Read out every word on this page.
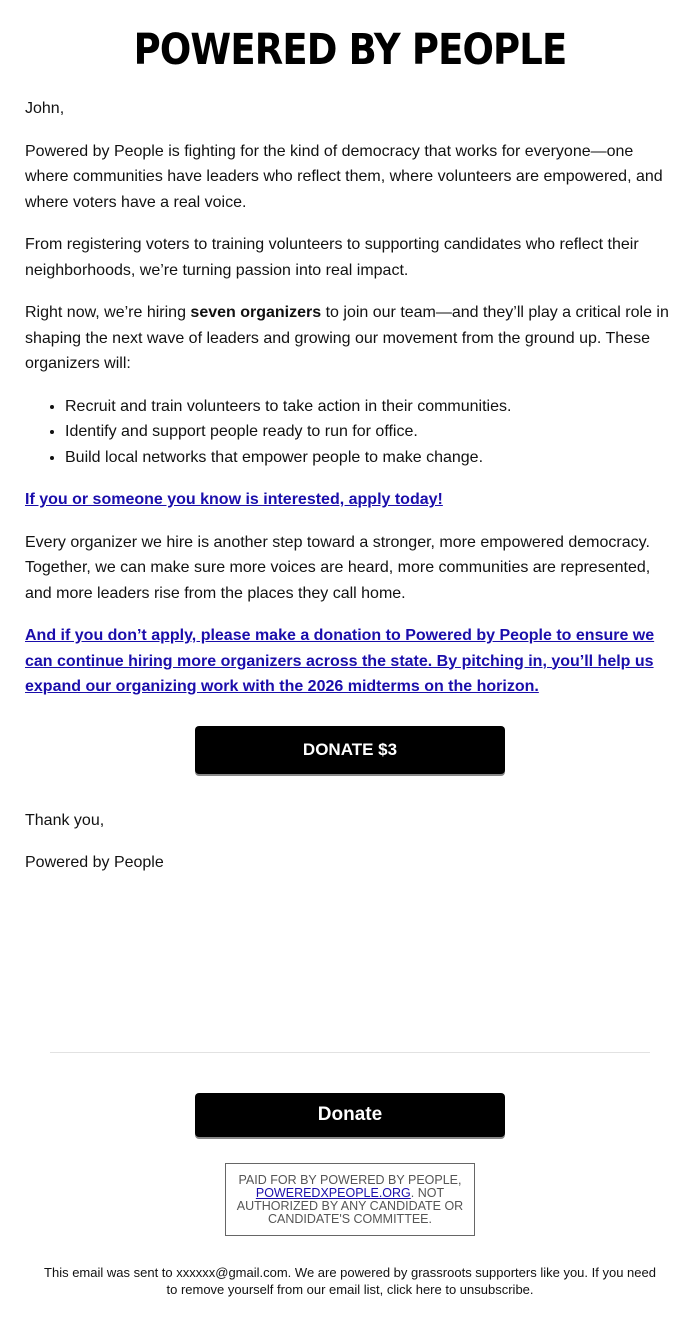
POWERED BY PEOPLE

John,

Powered by People is fighting for the kind of democracy that works for everyone—one where communities have leaders who reflect them, where volunteers are empowered, and where voters have a real voice.

From registering voters to training volunteers to supporting candidates who reflect their neighborhoods, we’re turning passion into real impact.

Right now, we’re hiring seven organizers to join our team—and they’ll play a critical role in shaping the next wave of leaders and growing our movement from the ground up. These organizers will:

• Recruit and train volunteers to take action in their communities.
• Identify and support people ready to run for office.
• Build local networks that empower people to make change.

If you or someone you know is interested, apply today!

Every organizer we hire is another step toward a stronger, more empowered democracy. Together, we can make sure more voices are heard, more communities are represented, and more leaders rise from the places they call home.

And if you don’t apply, please make a donation to Powered by People to ensure we can continue hiring more organizers across the state. By pitching in, you’ll help us expand our organizing work with the 2026 midterms on the horizon.

DONATE $3

Thank you,

Powered by People

Donate
PAID FOR BY POWERED BY PEOPLE, POWEREDXPEOPLE.ORG. NOT AUTHORIZED BY ANY CANDIDATE OR CANDIDATE'S COMMITTEE.
This email was sent to xxxxxx@gmail.com. We are powered by grassroots supporters like you. If you need to remove yourself from our email list, click here to unsubscribe.
